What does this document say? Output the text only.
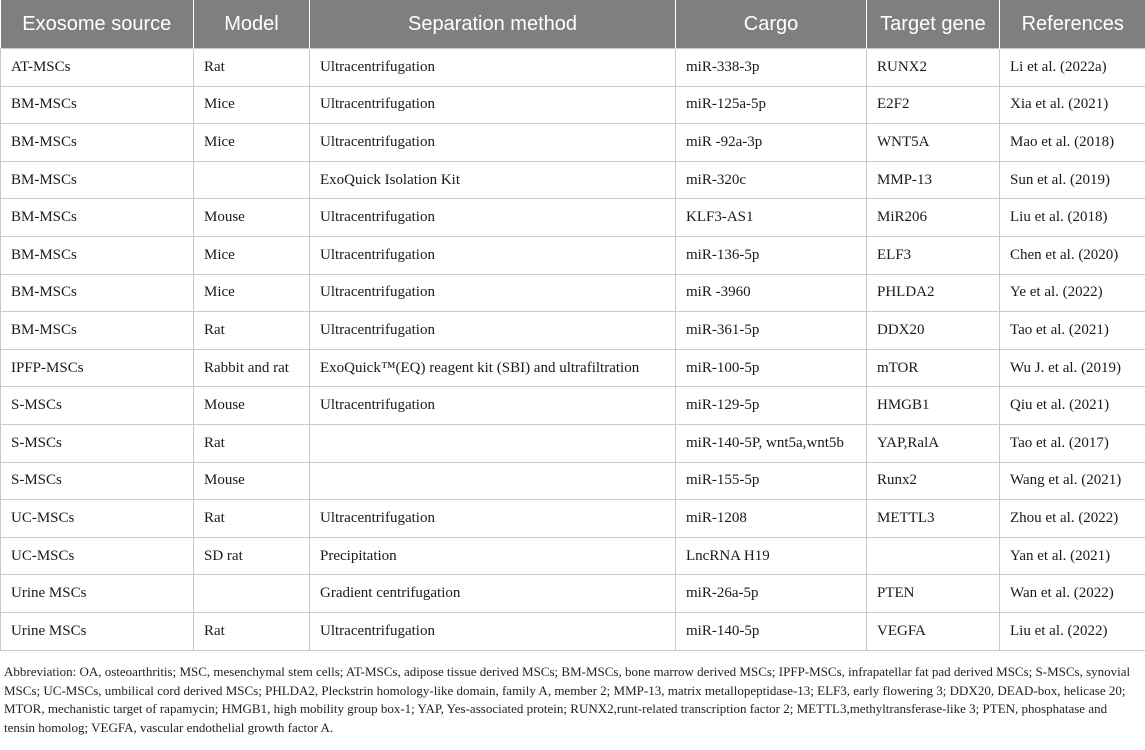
Exosome source	Model	Separation method	Cargo	Target gene	References
AT-MSCs	Rat	Ultracentrifugation	miR-338-3p	RUNX2	Li et al. (2022a)
BM-MSCs	Mice	Ultracentrifugation	miR-125a-5p	E2F2	Xia et al. (2021)
BM-MSCs	Mice	Ultracentrifugation	miR -92a-3p	WNT5A	Mao et al. (2018)
BM-MSCs		ExoQuick Isolation Kit	miR-320c	MMP-13	Sun et al. (2019)
BM-MSCs	Mouse	Ultracentrifugation	KLF3-AS1	MiR206	Liu et al. (2018)
BM-MSCs	Mice	Ultracentrifugation	miR-136-5p	ELF3	Chen et al. (2020)
BM-MSCs	Mice	Ultracentrifugation	miR -3960	PHLDA2	Ye et al. (2022)
BM-MSCs	Rat	Ultracentrifugation	miR-361-5p	DDX20	Tao et al. (2021)
IPFP-MSCs	Rabbit and rat	ExoQuick™(EQ) reagent kit (SBI) and ultrafiltration	miR-100-5p	mTOR	Wu J. et al. (2019)
S-MSCs	Mouse	Ultracentrifugation	miR-129-5p	HMGB1	Qiu et al. (2021)
S-MSCs	Rat		miR-140-5P, wnt5a,wnt5b	YAP,RalA	Tao et al. (2017)
S-MSCs	Mouse		miR-155-5p	Runx2	Wang et al. (2021)
UC-MSCs	Rat	Ultracentrifugation	miR-1208	METTL3	Zhou et al. (2022)
UC-MSCs	SD rat	Precipitation	LncRNA H19		Yan et al. (2021)
Urine MSCs		Gradient centrifugation	miR-26a-5p	PTEN	Wan et al. (2022)
Urine MSCs	Rat	Ultracentrifugation	miR-140-5p	VEGFA	Liu et al. (2022)

Abbreviation: OA, osteoarthritis; MSC, mesenchymal stem cells; AT-MSCs, adipose tissue derived MSCs; BM-MSCs, bone marrow derived MSCs; IPFP-MSCs, infrapatellar fat pad derived MSCs; S-MSCs, synovial MSCs; UC-MSCs, umbilical cord derived MSCs; PHLDA2, Pleckstrin homology-like domain, family A, member 2; MMP-13, matrix metallopeptidase-13; ELF3, early flowering 3; DDX20, DEAD-box, helicase 20; MTOR, mechanistic target of rapamycin; HMGB1, high mobility group box-1; YAP, Yes-associated protein; RUNX2,runt-related transcription factor 2; METTL3,methyltransferase-like 3; PTEN, phosphatase and tensin homolog; VEGFA, vascular endothelial growth factor A.
